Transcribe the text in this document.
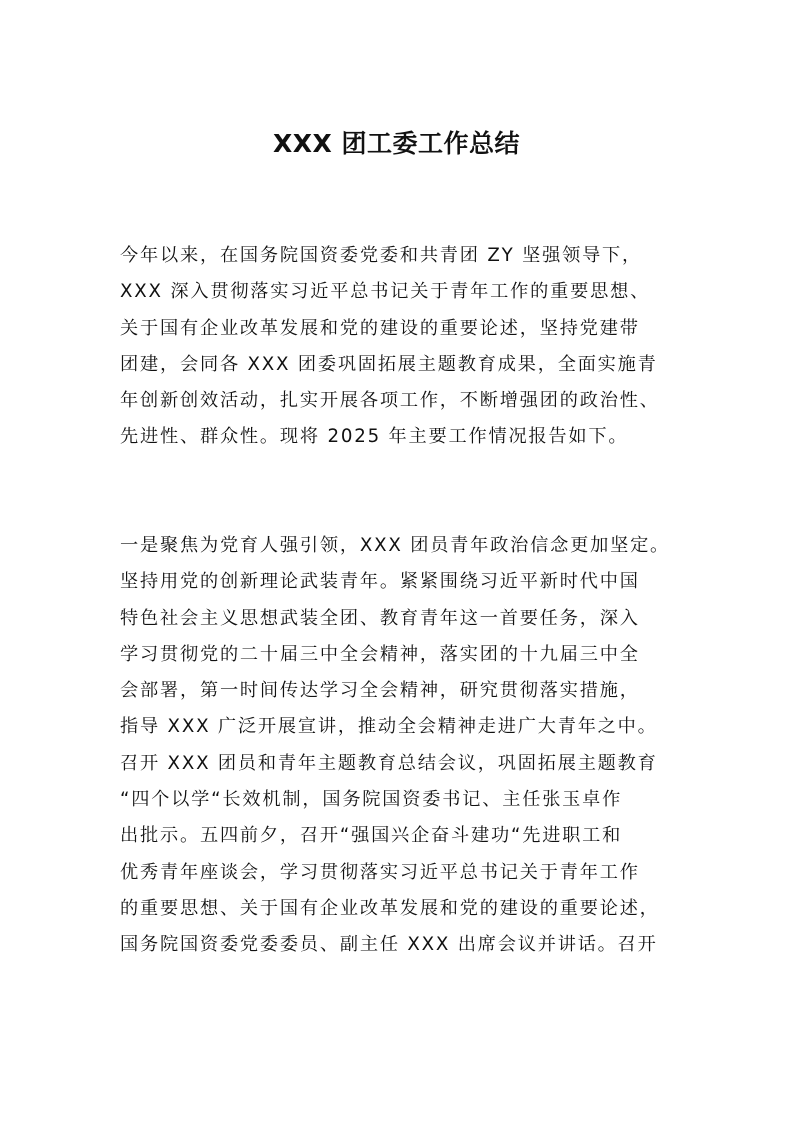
XXX 团工委工作总结
今年以来，在国务院国资委党委和共青团 ZY 坚强领导下，
XXX 深入贯彻落实习近平总书记关于青年工作的重要思想、
关于国有企业改革发展和党的建设的重要论述，坚持党建带
团建，会同各 XXX 团委巩固拓展主题教育成果，全面实施青
年创新创效活动，扎实开展各项工作，不断增强团的政治性、
先进性、群众性。现将 2025 年主要工作情况报告如下。
一是聚焦为党育人强引领，XXX 团员青年政治信念更加坚定。
坚持用党的创新理论武装青年。紧紧围绕习近平新时代中国
特色社会主义思想武装全团、教育青年这一首要任务，深入
学习贯彻党的二十届三中全会精神，落实团的十九届三中全
会部署，第一时间传达学习全会精神，研究贯彻落实措施，
指导 XXX 广泛开展宣讲，推动全会精神走进广大青年之中。
召开 XXX 团员和青年主题教育总结会议，巩固拓展主题教育
“四个以学“长效机制，国务院国资委书记、主任张玉卓作
出批示。五四前夕，召开“强国兴企奋斗建功“先进职工和
优秀青年座谈会，学习贯彻落实习近平总书记关于青年工作
的重要思想、关于国有企业改革发展和党的建设的重要论述，
国务院国资委党委委员、副主任 XXX 出席会议并讲话。召开
